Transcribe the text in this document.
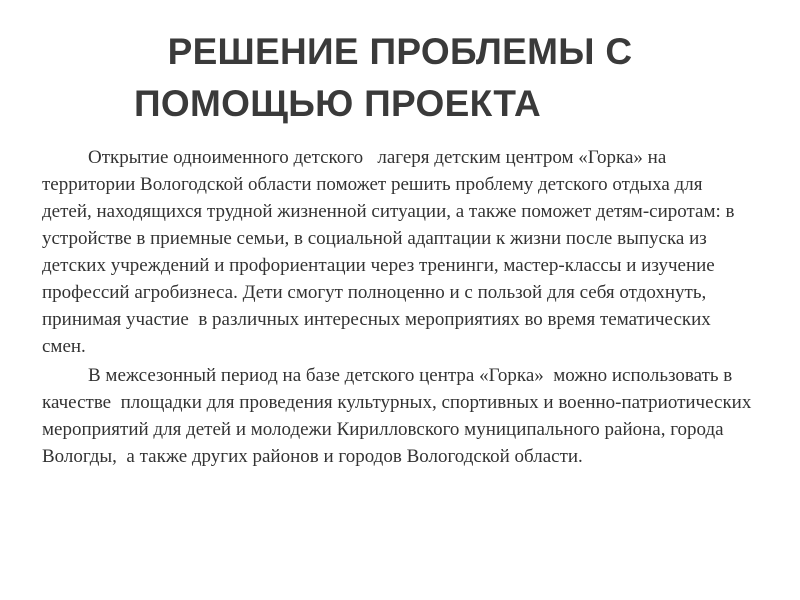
РЕШЕНИЕ ПРОБЛЕМЫ С
ПОМОЩЬЮ ПРОЕКТА

Открытие одноименного детского   лагеря детским центром «Горка» на территории Вологодской области поможет решить проблему детского отдыха для детей, находящихся трудной жизненной ситуации, а также поможет детям-сиротам: в устройстве в приемные семьи, в социальной адаптации к жизни после выпуска из детских учреждений и профориентации через тренинги, мастер-классы и изучение профессий агробизнеса. Дети смогут полноценно и с пользой для себя отдохнуть, принимая участие  в различных интересных мероприятиях во время тематических смен.

В межсезонный период на базе детского центра «Горка»  можно использовать в качестве  площадки для проведения культурных, спортивных и военно-патриотических мероприятий для детей и молодежи Кирилловского муниципального района, города Вологды,  а также других районов и городов Вологодской области.
